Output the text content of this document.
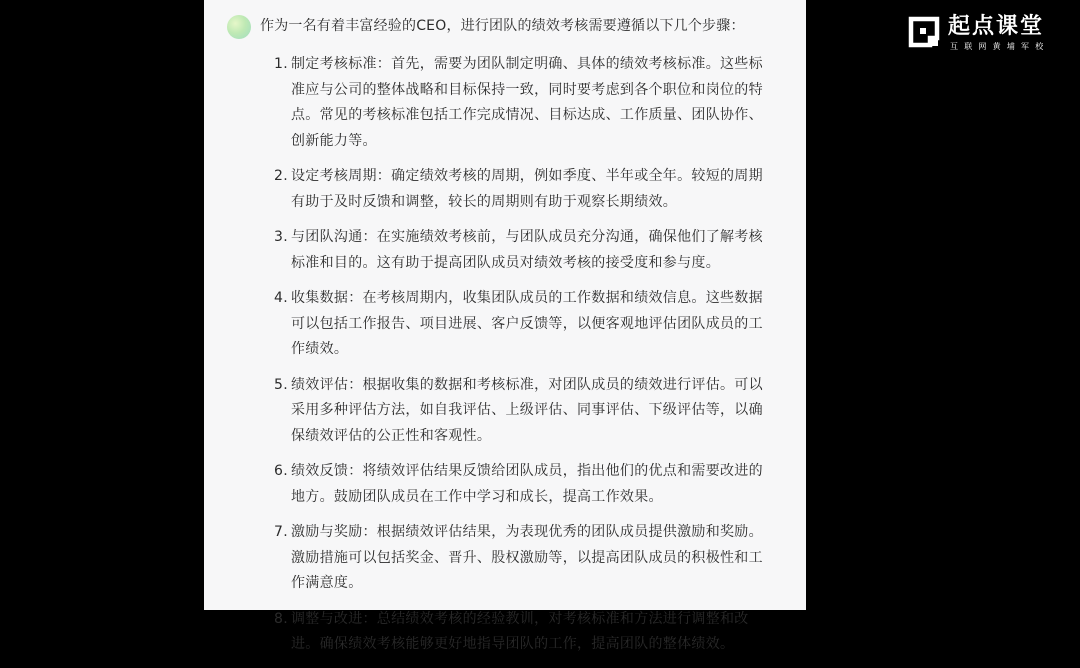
作为一名有着丰富经验的CEO，进行团队的绩效考核需要遵循以下几个步骤：
1. 制定考核标准：首先，需要为团队制定明确、具体的绩效考核标准。这些标准应与公司的整体战略和目标保持一致，同时要考虑到各个职位和岗位的特点。常见的考核标准包括工作完成情况、目标达成、工作质量、团队协作、创新能力等。
2. 设定考核周期：确定绩效考核的周期，例如季度、半年或全年。较短的周期有助于及时反馈和调整，较长的周期则有助于观察长期绩效。
3. 与团队沟通：在实施绩效考核前，与团队成员充分沟通，确保他们了解考核标准和目的。这有助于提高团队成员对绩效考核的接受度和参与度。
4. 收集数据：在考核周期内，收集团队成员的工作数据和绩效信息。这些数据可以包括工作报告、项目进展、客户反馈等，以便客观地评估团队成员的工作绩效。
5. 绩效评估：根据收集的数据和考核标准，对团队成员的绩效进行评估。可以采用多种评估方法，如自我评估、上级评估、同事评估、下级评估等，以确保绩效评估的公正性和客观性。
6. 绩效反馈：将绩效评估结果反馈给团队成员，指出他们的优点和需要改进的地方。鼓励团队成员在工作中学习和成长，提高工作效果。
7. 激励与奖励：根据绩效评估结果，为表现优秀的团队成员提供激励和奖励。激励措施可以包括奖金、晋升、股权激励等，以提高团队成员的积极性和工作满意度。
8. 调整与改进：总结绩效考核的经验教训，对考核标准和方法进行调整和改进。确保绩效考核能够更好地指导团队的工作，提高团队的整体绩效。
起点课堂
互联网黄埔军校
